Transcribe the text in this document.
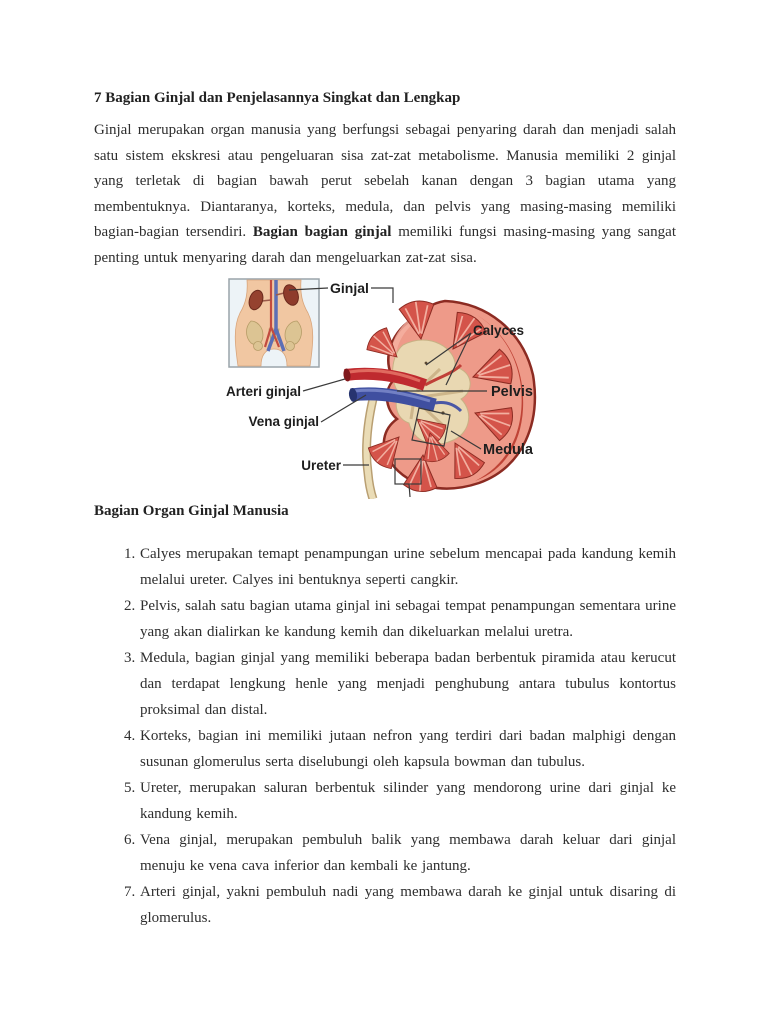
7 Bagian Ginjal dan Penjelasannya Singkat dan Lengkap

Ginjal merupakan organ manusia yang berfungsi sebagai penyaring darah dan menjadi salah satu sistem ekskresi atau pengeluaran sisa zat-zat metabolisme. Manusia memiliki 2 ginjal yang terletak di bagian bawah perut sebelah kanan dengan 3 bagian utama yang membentuknya. Diantaranya, korteks, medula, dan pelvis yang masing-masing memiliki bagian-bagian tersendiri. Bagian bagian ginjal memiliki fungsi masing-masing yang sangat penting untuk menyaring darah dan mengeluarkan zat-zat sisa.

Ginjal
Calyces
Pelvis
Medula
Arteri ginjal
Vena ginjal
Ureter
Bagian Organ Ginjal Manusia
1. Calyes merupakan temapt penampungan urine sebelum mencapai pada kandung kemih melalui ureter. Calyes ini bentuknya seperti cangkir.
2. Pelvis, salah satu bagian utama ginjal ini sebagai tempat penampungan sementara urine yang akan dialirkan ke kandung kemih dan dikeluarkan melalui uretra.
3. Medula, bagian ginjal yang memiliki beberapa badan berbentuk piramida atau kerucut dan terdapat lengkung henle yang menjadi penghubung antara tubulus kontortus proksimal dan distal.
4. Korteks, bagian ini memiliki jutaan nefron yang terdiri dari badan malphigi dengan susunan glomerulus serta diselubungi oleh kapsula bowman dan tubulus.
5. Ureter, merupakan saluran berbentuk silinder yang mendorong urine dari ginjal ke kandung kemih.
6. Vena ginjal, merupakan pembuluh balik yang membawa darah keluar dari ginjal menuju ke vena cava inferior dan kembali ke jantung.
7. Arteri ginjal, yakni pembuluh nadi yang membawa darah ke ginjal untuk disaring di glomerulus.
